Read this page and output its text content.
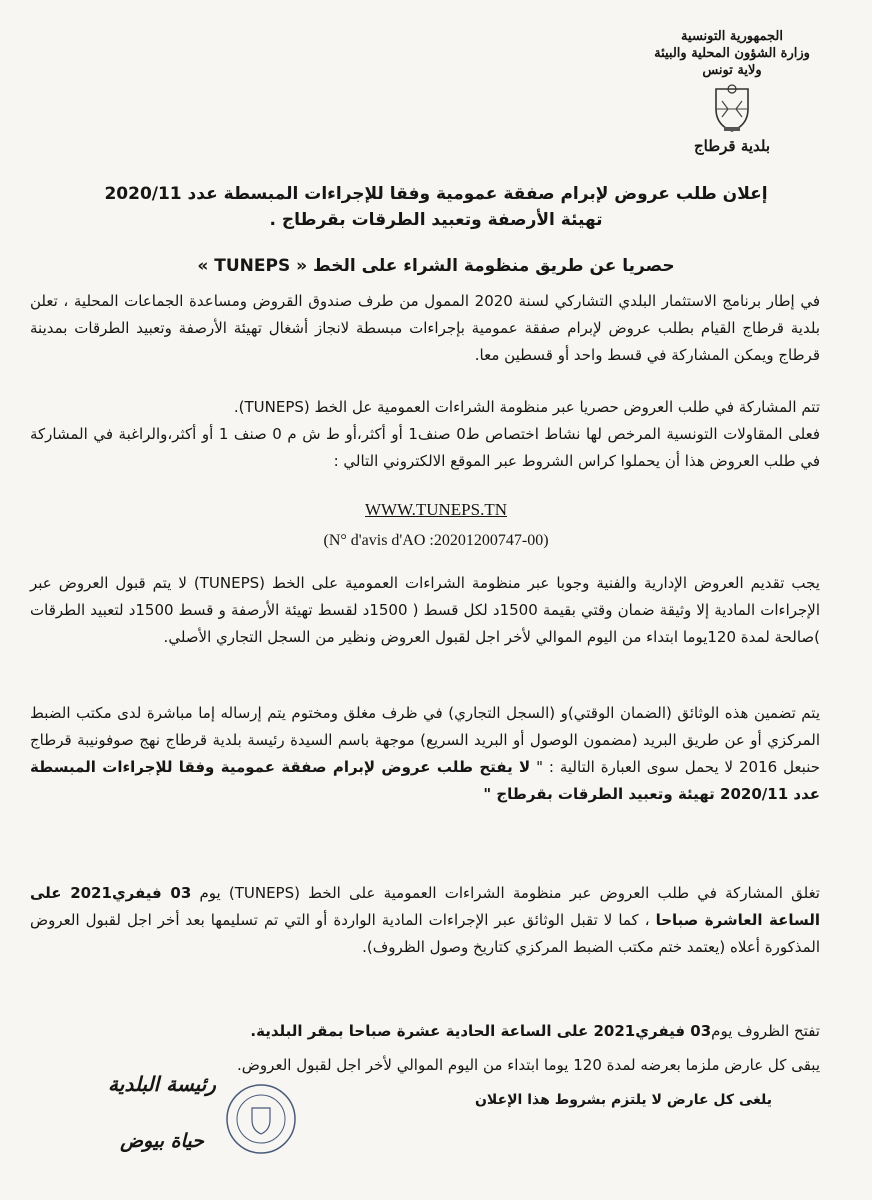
الجمهورية التونسية
وزارة الشؤون المحلية والبيئة
ولاية تونس
بلدية قرطاج
إعلان طلب عروض لإبرام صفقة عمومية وفقا للإجراءات المبسطة عدد 2020/11
تهيئة الأرصفة وتعبيد الطرقات بقرطاج .
حصريا عن طريق منظومة الشراء على الخط « TUNEPS »
في إطار برنامج الاستثمار البلدي التشاركي لسنة 2020 الممول من طرف صندوق القروض ومساعدة الجماعات المحلية ، تعلن بلدية قرطاج القيام بطلب عروض لإبرام صفقة عمومية بإجراءات مبسطة لانجاز أشغال تهيئة الأرصفة وتعبيد الطرقات بمدينة قرطاج ويمكن المشاركة في قسط واحد أو قسطين معا.
تتم المشاركة في طلب العروض حصريا عبر منظومة الشراءات العمومية عل الخط (TUNEPS).
فعلى المقاولات التونسية المرخص لها نشاط اختصاص ط0 صنف1 أو أكثر،أو ط ش م 0 صنف 1 أو أكثر،والراغبة في المشاركة في طلب العروض هذا أن يحملوا كراس الشروط عبر الموقع الالكتروني التالي :
WWW.TUNEPS.TN
(N° d'avis d'AO :20201200747-00)
يجب تقديم العروض الإدارية والفنية وجوبا عبر منظومة الشراءات العمومية على الخط (TUNEPS) لا يتم قبول العروض عبر الإجراءات المادية إلا وثيقة ضمان وقتي بقيمة 1500د لكل قسط ( 1500د لقسط تهيئة الأرصفة و قسط 1500د لتعبيد الطرقات )صالحة لمدة 120يوما ابتداء من اليوم الموالي لأخر اجل لقبول العروض ونظير من السجل التجاري الأصلي.
يتم تضمين هذه الوثائق (الضمان الوقتي)و (السجل التجاري) في ظرف مغلق ومختوم يتم إرساله إما مباشرة لدى مكتب الضبط المركزي أو عن طريق البريد (مضمون الوصول أو البريد السريع) موجهة باسم السيدة رئيسة بلدية قرطاج نهج صوفونيبة قرطاج حنبعل 2016 لا يحمل سوى العبارة التالية : " لا يفتح طلب عروض لإبرام صفقة عمومية وفقا للإجراءات المبسطة عدد 2020/11 تهيئة وتعبيد الطرقات بقرطاج "
تغلق المشاركة في طلب العروض عبر منظومة الشراءات العمومية على الخط (TUNEPS) يوم 03 فيفري2021 على الساعة العاشرة صباحا ، كما لا تقبل الوثائق عبر الإجراءات المادية الواردة أو التي تم تسليمها بعد أخر اجل لقبول العروض المذكورة أعلاه (يعتمد ختم مكتب الضبط المركزي كتاريخ وصول الظروف).
تفتح الظروف يوم03 فيفري2021 على الساعة الحادية عشرة صباحا بمقر البلدية.
يبقى كل عارض ملزما بعرضه لمدة 120 يوما ابتداء من اليوم الموالي لأخر اجل لقبول العروض.
يلغى كل عارض لا يلتزم بشروط هذا الإعلان
رئيسة البلدية
حياة بيوض
